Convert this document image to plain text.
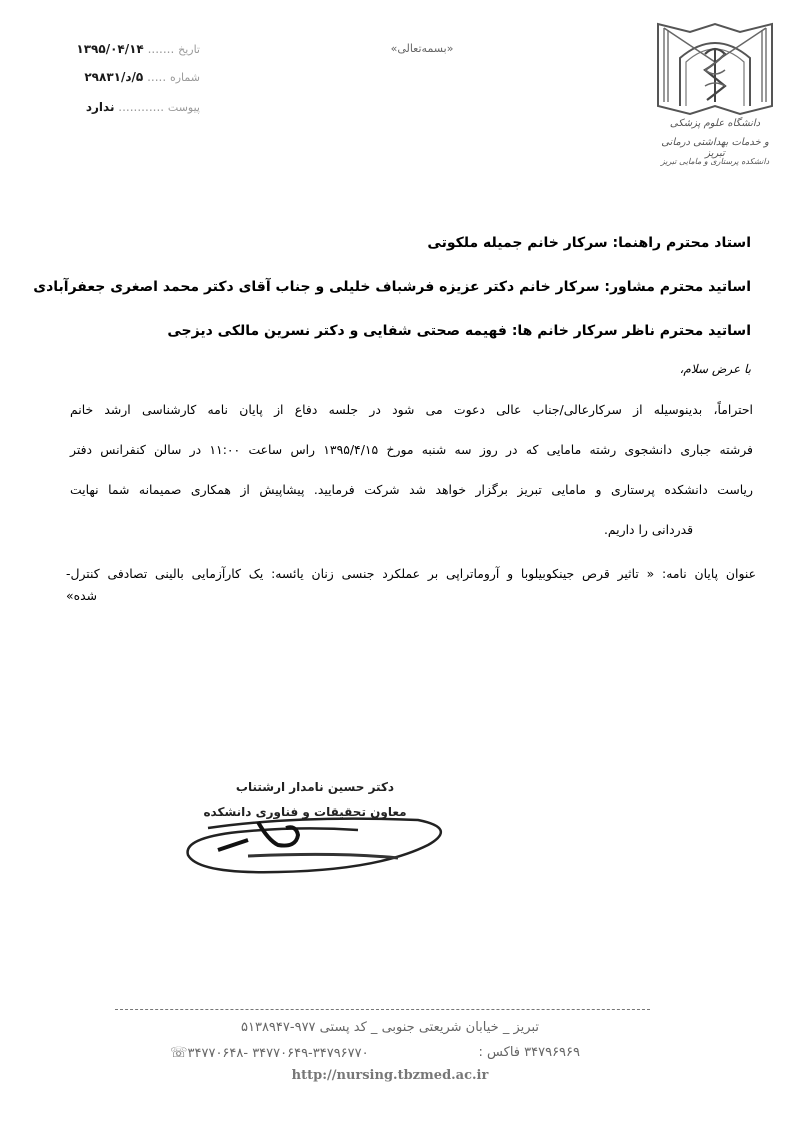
«بسمه‌تعالی»
تاریخ ....... ۱۳۹۵/۰۴/۱۴
شماره ..... ۵/د/۲۹۸۳۱
پیوست ............ ندارد
دانشگاه علوم پزشکی
و خدمات بهداشتی درمانی تبریز
دانشکده پرستاری و مامایی تبریز
استاد محترم راهنما: سرکار خانم جمیله ملکوتی
اساتید محترم مشاور: سرکار خانم دکتر عزیزه فرشباف خلیلی و جناب آقای دکتر محمد اصغری جعفرآبادی
اساتید محترم ناظر سرکار خانم ها: فهیمه صحتی شفایی و دکتر نسرین مالکی دیزجی
با عرض سلام،
احتراماً، بدینوسیله از سرکارعالی/جناب عالی دعوت می شود در جلسه دفاع از پایان نامه کارشناسی ارشد خانم
فرشته جباری دانشجوی رشته مامایی که در روز سه شنبه مورخ ۱۳۹۵/۴/۱۵ راس ساعت ۱۱:۰۰ در سالن کنفرانس دفتر
ریاست دانشکده پرستاری و مامایی تبریز برگزار خواهد شد شرکت فرمایید. پیشاپیش از همکاری صمیمانه شما نهایت
قدردانی را داریم.
عنوان پایان نامه: « تاثیر قرص جینکوبیلوبا و آروماتراپی بر عملکرد جنسی زنان یائسه: یک کارآزمایی بالینی تصادفی کنترل-
شده»
دکتر حسین نامدار ارشتناب
معاون تحقیقات و فناوری دانشکده
تبریز _ خیابان شریعتی جنوبی _ کد پستی ۹۷۷-۵۱۳۸۹۴۷
☏۳۴۷۷۰۶۴۸- ۳۴۷۷۰۶۴۹-۳۴۷۹۶۷۷۰	۳۴۷۹۶۹۶۹ فاکس :
http://nursing.tbzmed.ac.ir
